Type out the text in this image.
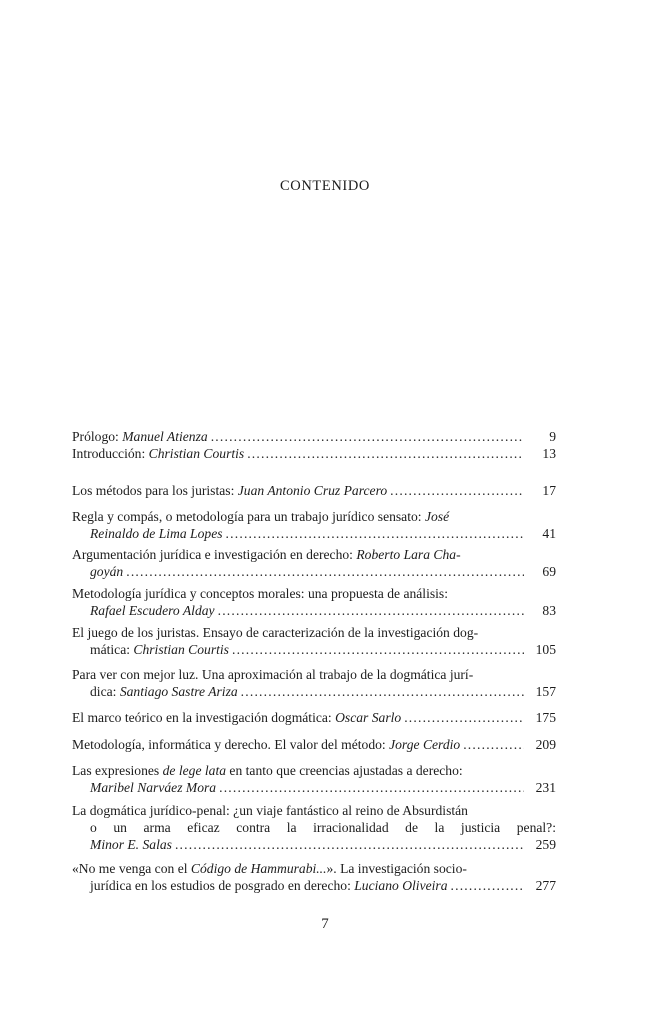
CONTENIDO
Prólogo: Manuel Atienza .....	9
Introducción: Christian Courtis .....	13
Los métodos para los juristas: Juan Antonio Cruz Parcero .....	17
Regla y compás, o metodología para un trabajo jurídico sensato: José
Reinaldo de Lima Lopes .....	41
Argumentación jurídica e investigación en derecho: Roberto Lara Cha-
goyán .....	69
Metodología jurídica y conceptos morales: una propuesta de análisis:
Rafael Escudero Alday .....	83
El juego de los juristas. Ensayo de caracterización de la investigación dog-
mática: Christian Courtis .....	105
Para ver con mejor luz. Una aproximación al trabajo de la dogmática jurí-
dica: Santiago Sastre Ariza .....	157
El marco teórico en la investigación dogmática: Oscar Sarlo .....	175
Metodología, informática y derecho. El valor del método: Jorge Cerdio .....	209
Las expresiones de lege lata en tanto que creencias ajustadas a derecho:
Maribel Narváez Mora .....	231
La dogmática jurídico-penal: ¿un viaje fantástico al reino de Absurdistán
o un arma eficaz contra la irracionalidad de la justicia penal?:
Minor E. Salas .....	259
«No me venga con el Código de Hammurabi...». La investigación socio-
jurídica en los estudios de posgrado en derecho: Luciano Oliveira .....	277
7
